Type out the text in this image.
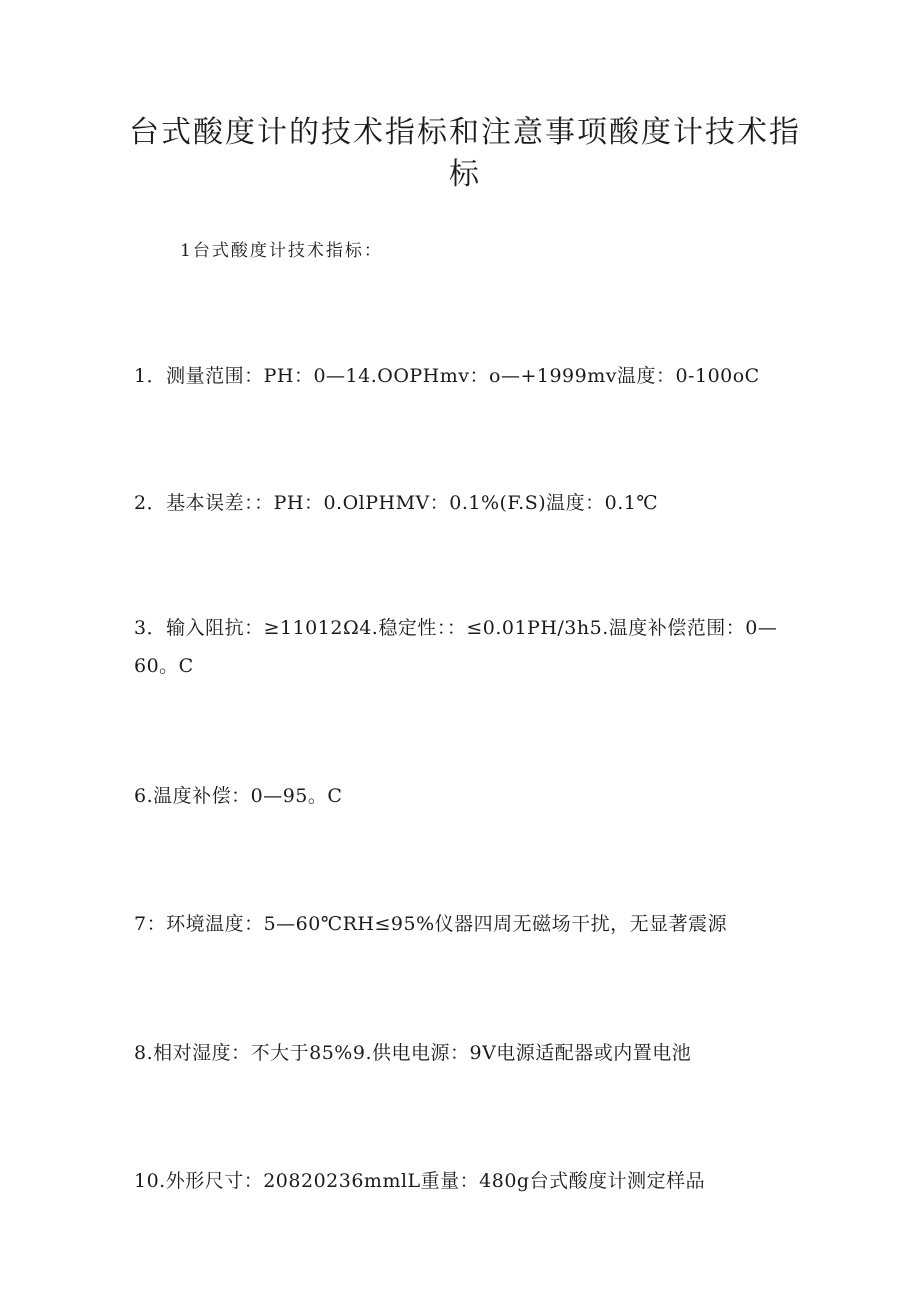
台式酸度计的技术指标和注意事项酸度计技术指标

1台式酸度计技术指标：

1．测量范围：PH：0—14.OOPHmv：o—+1999mv温度：0-100oC

2．基本误差：：PH：0.OlPHMV：0.1%(F.S)温度：0.1℃

3．输入阻抗：≥11012Ω4.稳定性：：≤0.01PH/3h5.温度补偿范围：0—60。C

6.温度补偿：0—95。C

7：环境温度：5—60℃RH≤95%仪器四周无磁场干扰，无显著震源

8.相对湿度：不大于85%9.供电电源：9V电源适配器或内置电池

10.外形尺寸：20820236mmlL重量：480g台式酸度计测定样品
